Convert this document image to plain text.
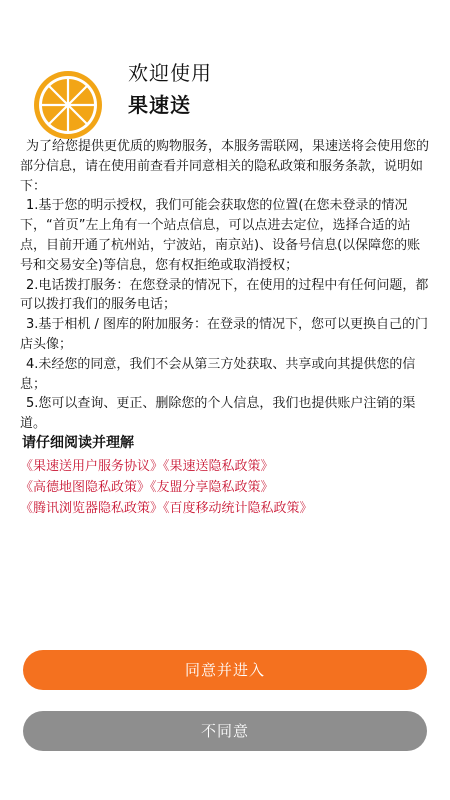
欢迎使用
果速送

为了给您提供更优质的购物服务，本服务需联网，果速送将会使用您的部分信息，请在使用前查看并同意相关的隐私政策和服务条款，说明如下：

1.基于您的明示授权，我们可能会获取您的位置(在您未登录的情况下，“首页”左上角有一个站点信息，可以点进去定位，选择合适的站点，目前开通了杭州站，宁波站，南京站)、设备号信息(以保障您的账号和交易安全)等信息，您有权拒绝或取消授权；

2.电话拨打服务：在您登录的情况下，在使用的过程中有任何问题，都可以拨打我们的服务电话；

3.基于相机 / 图库的附加服务：在登录的情况下，您可以更换自己的门店头像；

4.未经您的同意，我们不会从第三方处获取、共享或向其提供您的信息；

5.您可以查询、更正、删除您的个人信息，我们也提供账户注销的渠道。

请仔细阅读并理解
《果速送用户服务协议》《果速送隐私政策》
《高德地图隐私政策》《友盟分享隐私政策》
《腾讯浏览器隐私政策》《百度移动统计隐私政策》
同意并进入
不同意
